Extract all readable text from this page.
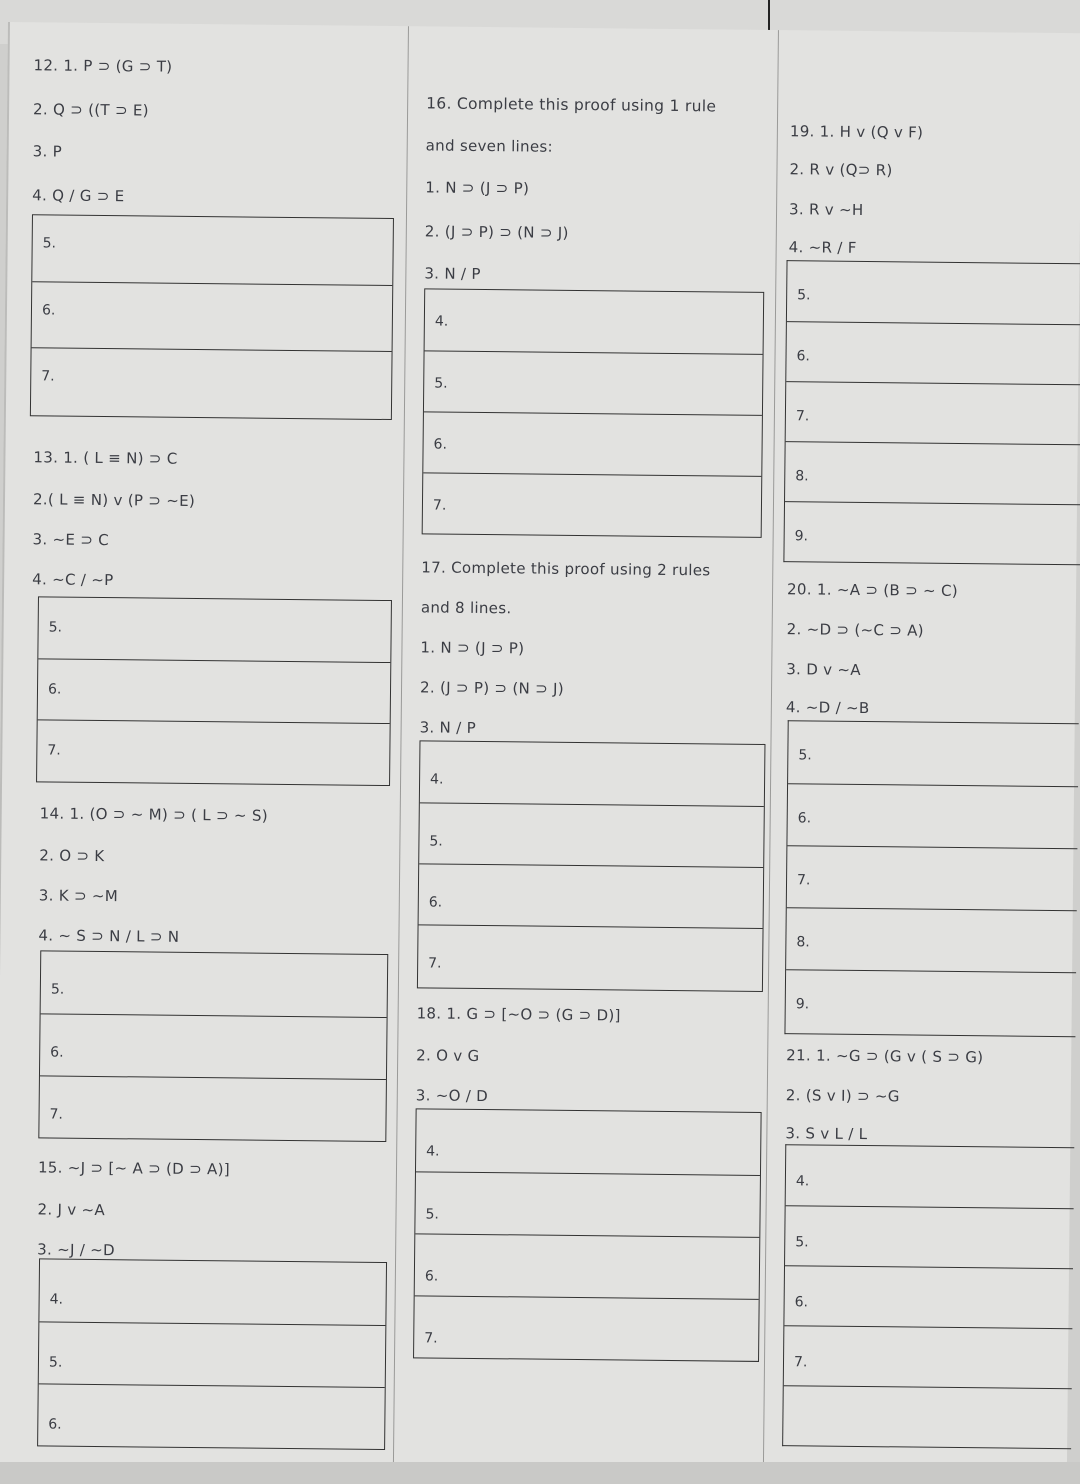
12. 1. P ⊃ (G ⊃ T)
2. Q ⊃ ((T ⊃ E)
3. P
4. Q / G ⊃ E
5.
6.
7.
13. 1. ( L ≡ N) ⊃ C
2.( L ≡ N) v (P ⊃ ~E)
3. ~E ⊃ C
4. ~C / ~P
5.
6.
7.
14. 1. (O ⊃ ~ M) ⊃ ( L ⊃ ~ S)
2. O ⊃ K
3. K ⊃ ~M
4. ~ S ⊃ N / L ⊃ N
5.
6.
7.
15. ~J ⊃ [~ A ⊃ (D ⊃ A)]
2. J v ~A
3. ~J / ~D
4.
5.
6.
16. Complete this proof using 1 rule
and seven lines:
1. N ⊃ (J ⊃ P)
2. (J ⊃ P) ⊃ (N ⊃ J)
3. N / P
4.
5.
6.
7.
17. Complete this proof using 2 rules
and 8 lines.
1. N ⊃ (J ⊃ P)
2. (J ⊃ P) ⊃ (N ⊃ J)
3. N / P
4.
5.
6.
7.
18. 1. G ⊃ [~O ⊃ (G ⊃ D)]
2. O v G
3. ~O / D
4.
5.
6.
7.
19. 1. H v (Q v F)
2. R v (Q⊃ R)
3. R v ~H
4. ~R / F
5.
6.
7.
8.
9.
20. 1. ~A ⊃ (B ⊃ ~ C)
2. ~D ⊃ (~C ⊃ A)
3. D v ~A
4. ~D / ~B
5.
6.
7.
8.
9.
21. 1. ~G ⊃ (G v ( S ⊃ G)
2. (S v I) ⊃ ~G
3. S v L / L
4.
5.
6.
7.
